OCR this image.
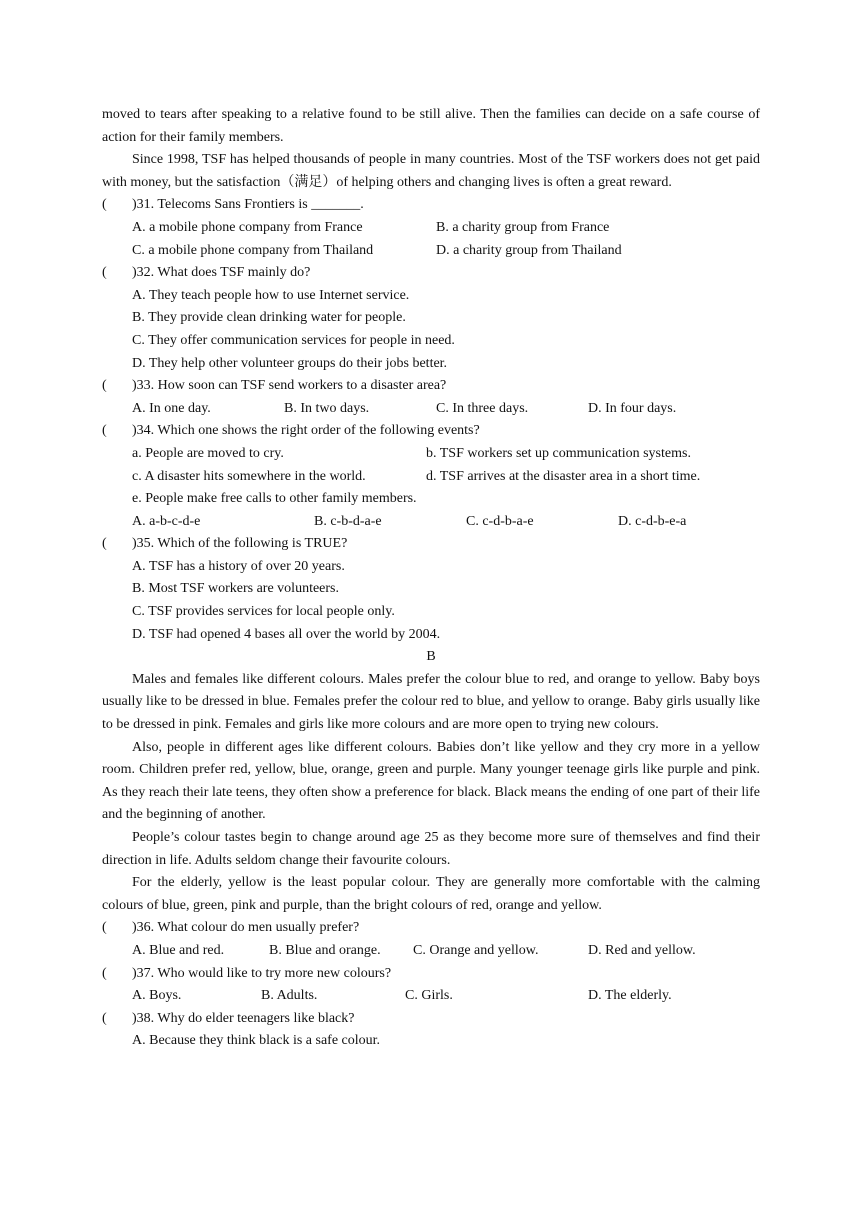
moved to tears after speaking to a relative found to be still alive. Then the families can decide on a safe course of action for their family members.

Since 1998, TSF has helped thousands of people in many countries. Most of the TSF workers does not get paid with money, but the satisfaction（满足）of helping others and changing lives is often a great reward.

( )31. Telecoms Sans Frontiers is _______.
A. a mobile phone company from France	B. a charity group from France
C. a mobile phone company from Thailand	D. a charity group from Thailand
( )32. What does TSF mainly do?
A. They teach people how to use Internet service.
B. They provide clean drinking water for people.
C. They offer communication services for people in need.
D. They help other volunteer groups do their jobs better.
( )33. How soon can TSF send workers to a disaster area?
A. In one day.	B. In two days.	C. In three days.	D. In four days.
( )34. Which one shows the right order of the following events?
a. People are moved to cry.	b. TSF workers set up communication systems.
c. A disaster hits somewhere in the world.	d. TSF arrives at the disaster area in a short time.
e. People make free calls to other family members.
A. a-b-c-d-e	B. c-b-d-a-e	C. c-d-b-a-e	D. c-d-b-e-a
( )35. Which of the following is TRUE?
A. TSF has a history of over 20 years.
B. Most TSF workers are volunteers.
C. TSF provides services for local people only.
D. TSF had opened 4 bases all over the world by 2004.
B

Males and females like different colours. Males prefer the colour blue to red, and orange to yellow. Baby boys usually like to be dressed in blue. Females prefer the colour red to blue, and yellow to orange. Baby girls usually like to be dressed in pink. Females and girls like more colours and are more open to trying new colours.

Also, people in different ages like different colours. Babies don’t like yellow and they cry more in a yellow room. Children prefer red, yellow, blue, orange, green and purple. Many younger teenage girls like purple and pink. As they reach their late teens, they often show a preference for black. Black means the ending of one part of their life and the beginning of another.

People’s colour tastes begin to change around age 25 as they become more sure of themselves and find their direction in life. Adults seldom change their favourite colours.

For the elderly, yellow is the least popular colour. They are generally more comfortable with the calming colours of blue, green, pink and purple, than the bright colours of red, orange and yellow.

( )36. What colour do men usually prefer?
A. Blue and red.	B. Blue and orange. C. Orange and yellow.	D. Red and yellow.
( )37. Who would like to try more new colours?
A. Boys.	B. Adults.	C. Girls.	D. The elderly.
( )38. Why do elder teenagers like black?
A. Because they think black is a safe colour.
